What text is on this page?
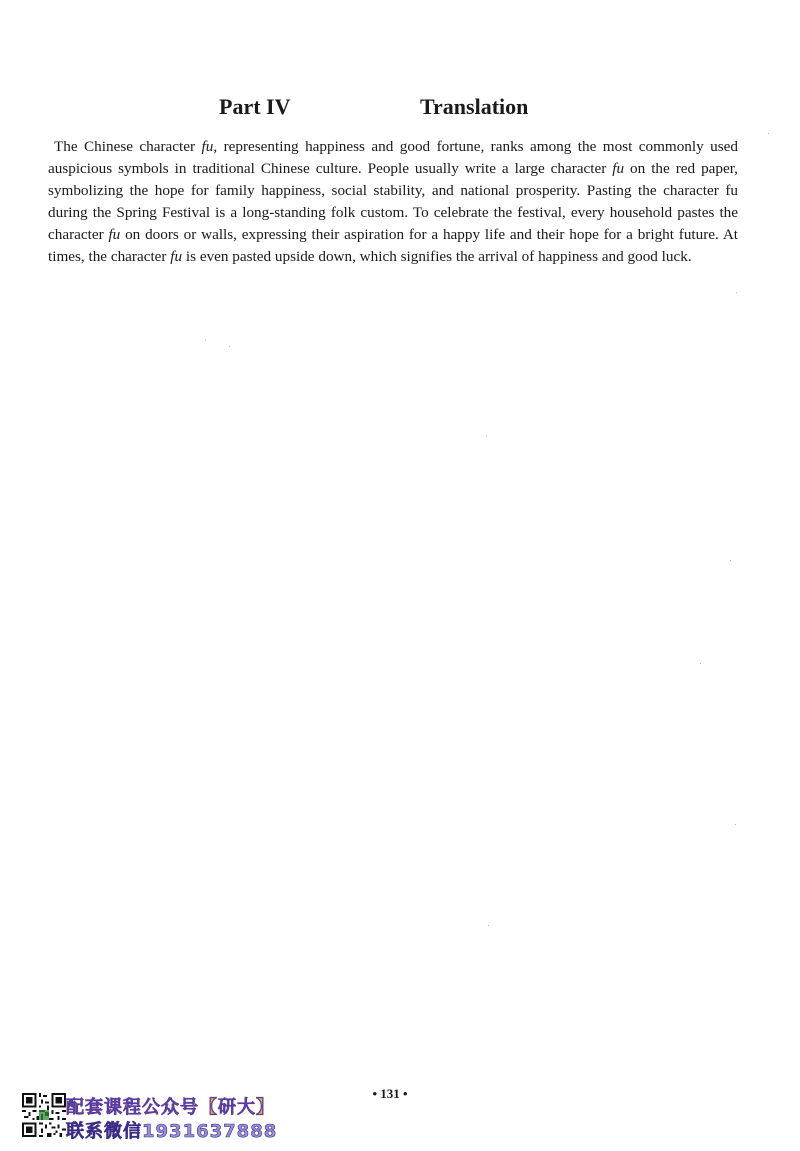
Part IV	Translation

The Chinese character fu, representing happiness and good fortune, ranks among the most commonly used auspicious symbols in traditional Chinese culture. People usually write a large character fu on the red paper, symbolizing the hope for family happiness, social stability, and national prosperity. Pasting the character fu during the Spring Festival is a long-standing folk custom. To celebrate the festival, every household pastes the character fu on doors or walls, expressing their aspiration for a happy life and their hope for a bright future. At times, the character fu is even pasted upside down, which signifies the arrival of happiness and good luck.

• 131 •
配套课程公众号【研大】
联系微信1931637888
